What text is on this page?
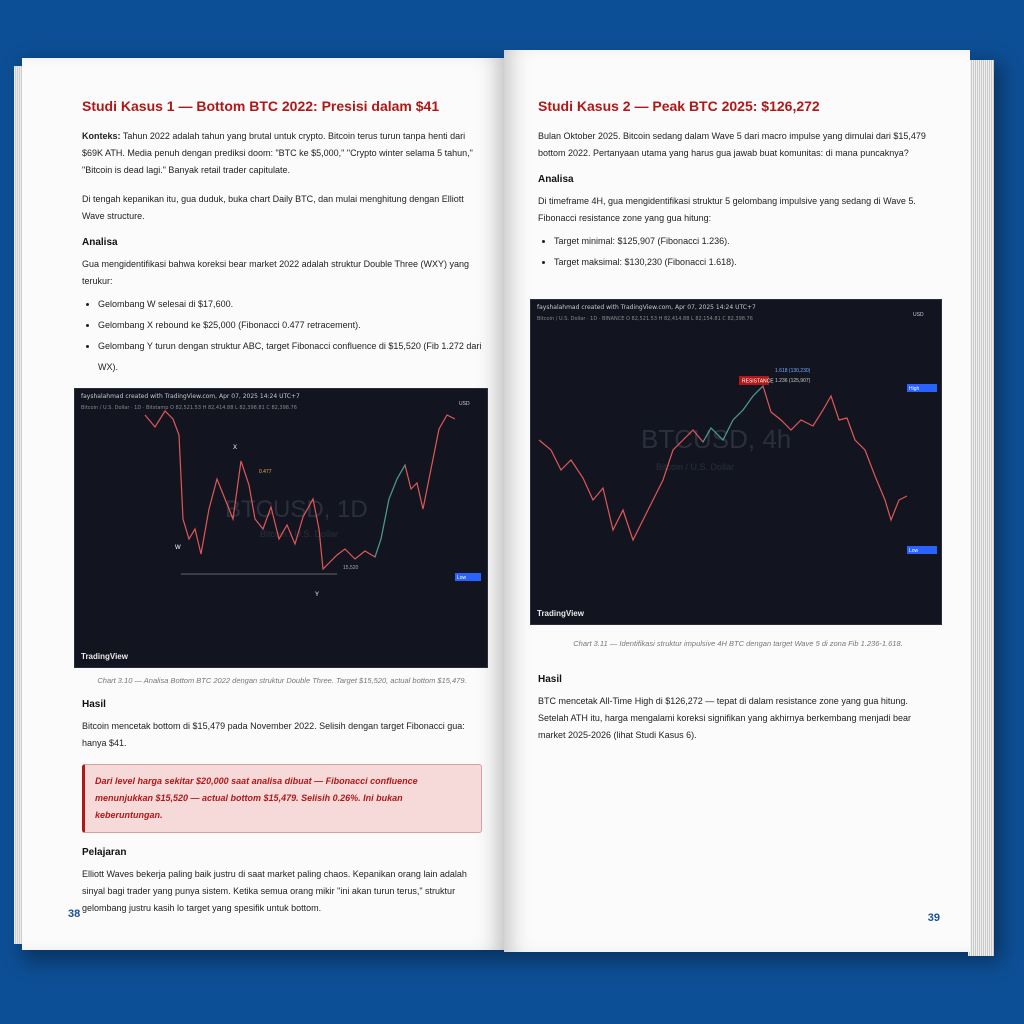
Studi Kasus 1 — Bottom BTC 2022: Presisi dalam $41

Konteks: Tahun 2022 adalah tahun yang brutal untuk crypto. Bitcoin terus turun tanpa henti dari $69K ATH. Media penuh dengan prediksi doom: "BTC ke $5,000," "Crypto winter selama 5 tahun," "Bitcoin is dead lagi." Banyak retail trader capitulate.

Di tengah kepanikan itu, gua duduk, buka chart Daily BTC, dan mulai menghitung dengan Elliott Wave structure.

Analisa

Gua mengidentifikasi bahwa koreksi bear market 2022 adalah struktur Double Three (WXY) yang terukur:

• Gelombang W selesai di $17,600.
• Gelombang X rebound ke $25,000 (Fibonacci 0.477 retracement).
• Gelombang Y turun dengan struktur ABC, target Fibonacci confluence di $15,520 (Fib 1.272 dari WX).
BTCUSD, 1D
Bitcoin / U.S. Dollar
W
X
Y
0.477
15,520
USD
Low
fayshalahmad created with TradingView.com, Apr 07, 2025 14:24 UTC+7
Bitcoin / U.S. Dollar · 1D · Bitstamp O 82,521.53 H 82,414.88 L 82,398.81 C 82,398.76
TradingView
Chart 3.10 — Analisa Bottom BTC 2022 dengan struktur Double Three. Target $15,520, actual bottom $15,479.
Hasil

Bitcoin mencetak bottom di $15,479 pada November 2022. Selisih dengan target Fibonacci gua: hanya $41.

Dari level harga sekitar $20,000 saat analisa dibuat — Fibonacci confluence menunjukkan $15,520 — actual bottom $15,479. Selisih 0.26%. Ini bukan keberuntungan.

Pelajaran

Elliott Waves bekerja paling baik justru di saat market paling chaos. Kepanikan orang lain adalah sinyal bagi trader yang punya sistem. Ketika semua orang mikir "ini akan turun terus," struktur gelombang justru kasih lo target yang spesifik untuk bottom.

38
Studi Kasus 2 — Peak BTC 2025: $126,272

Bulan Oktober 2025. Bitcoin sedang dalam Wave 5 dari macro impulse yang dimulai dari $15,479 bottom 2022. Pertanyaan utama yang harus gua jawab buat komunitas: di mana puncaknya?

Analisa

Di timeframe 4H, gua mengidentifikasi struktur 5 gelombang impulsive yang sedang di Wave 5. Fibonacci resistance zone yang gua hitung:

• Target minimal: $125,907 (Fibonacci 1.236).
• Target maksimal: $130,230 (Fibonacci 1.618).
BTCUSD, 4h
Bitcoin / U.S. Dollar
RESISTANCE
1.618 (130,230)
1.236 (125,907)
USD
High
Low
fayshalahmad created with TradingView.com, Apr 07, 2025 14:24 UTC+7
Bitcoin / U.S. Dollar · 1D · BINANCE O 82,521.53 H 82,414.88 L 82,154.81 C 82,398.76
TradingView
Chart 3.11 — Identifikasi struktur impulsive 4H BTC dengan target Wave 5 di zona Fib 1.236-1.618.
Hasil

BTC mencetak All-Time High di $126,272 — tepat di dalam resistance zone yang gua hitung. Setelah ATH itu, harga mengalami koreksi signifikan yang akhirnya berkembang menjadi bear market 2025-2026 (lihat Studi Kasus 6).

39
